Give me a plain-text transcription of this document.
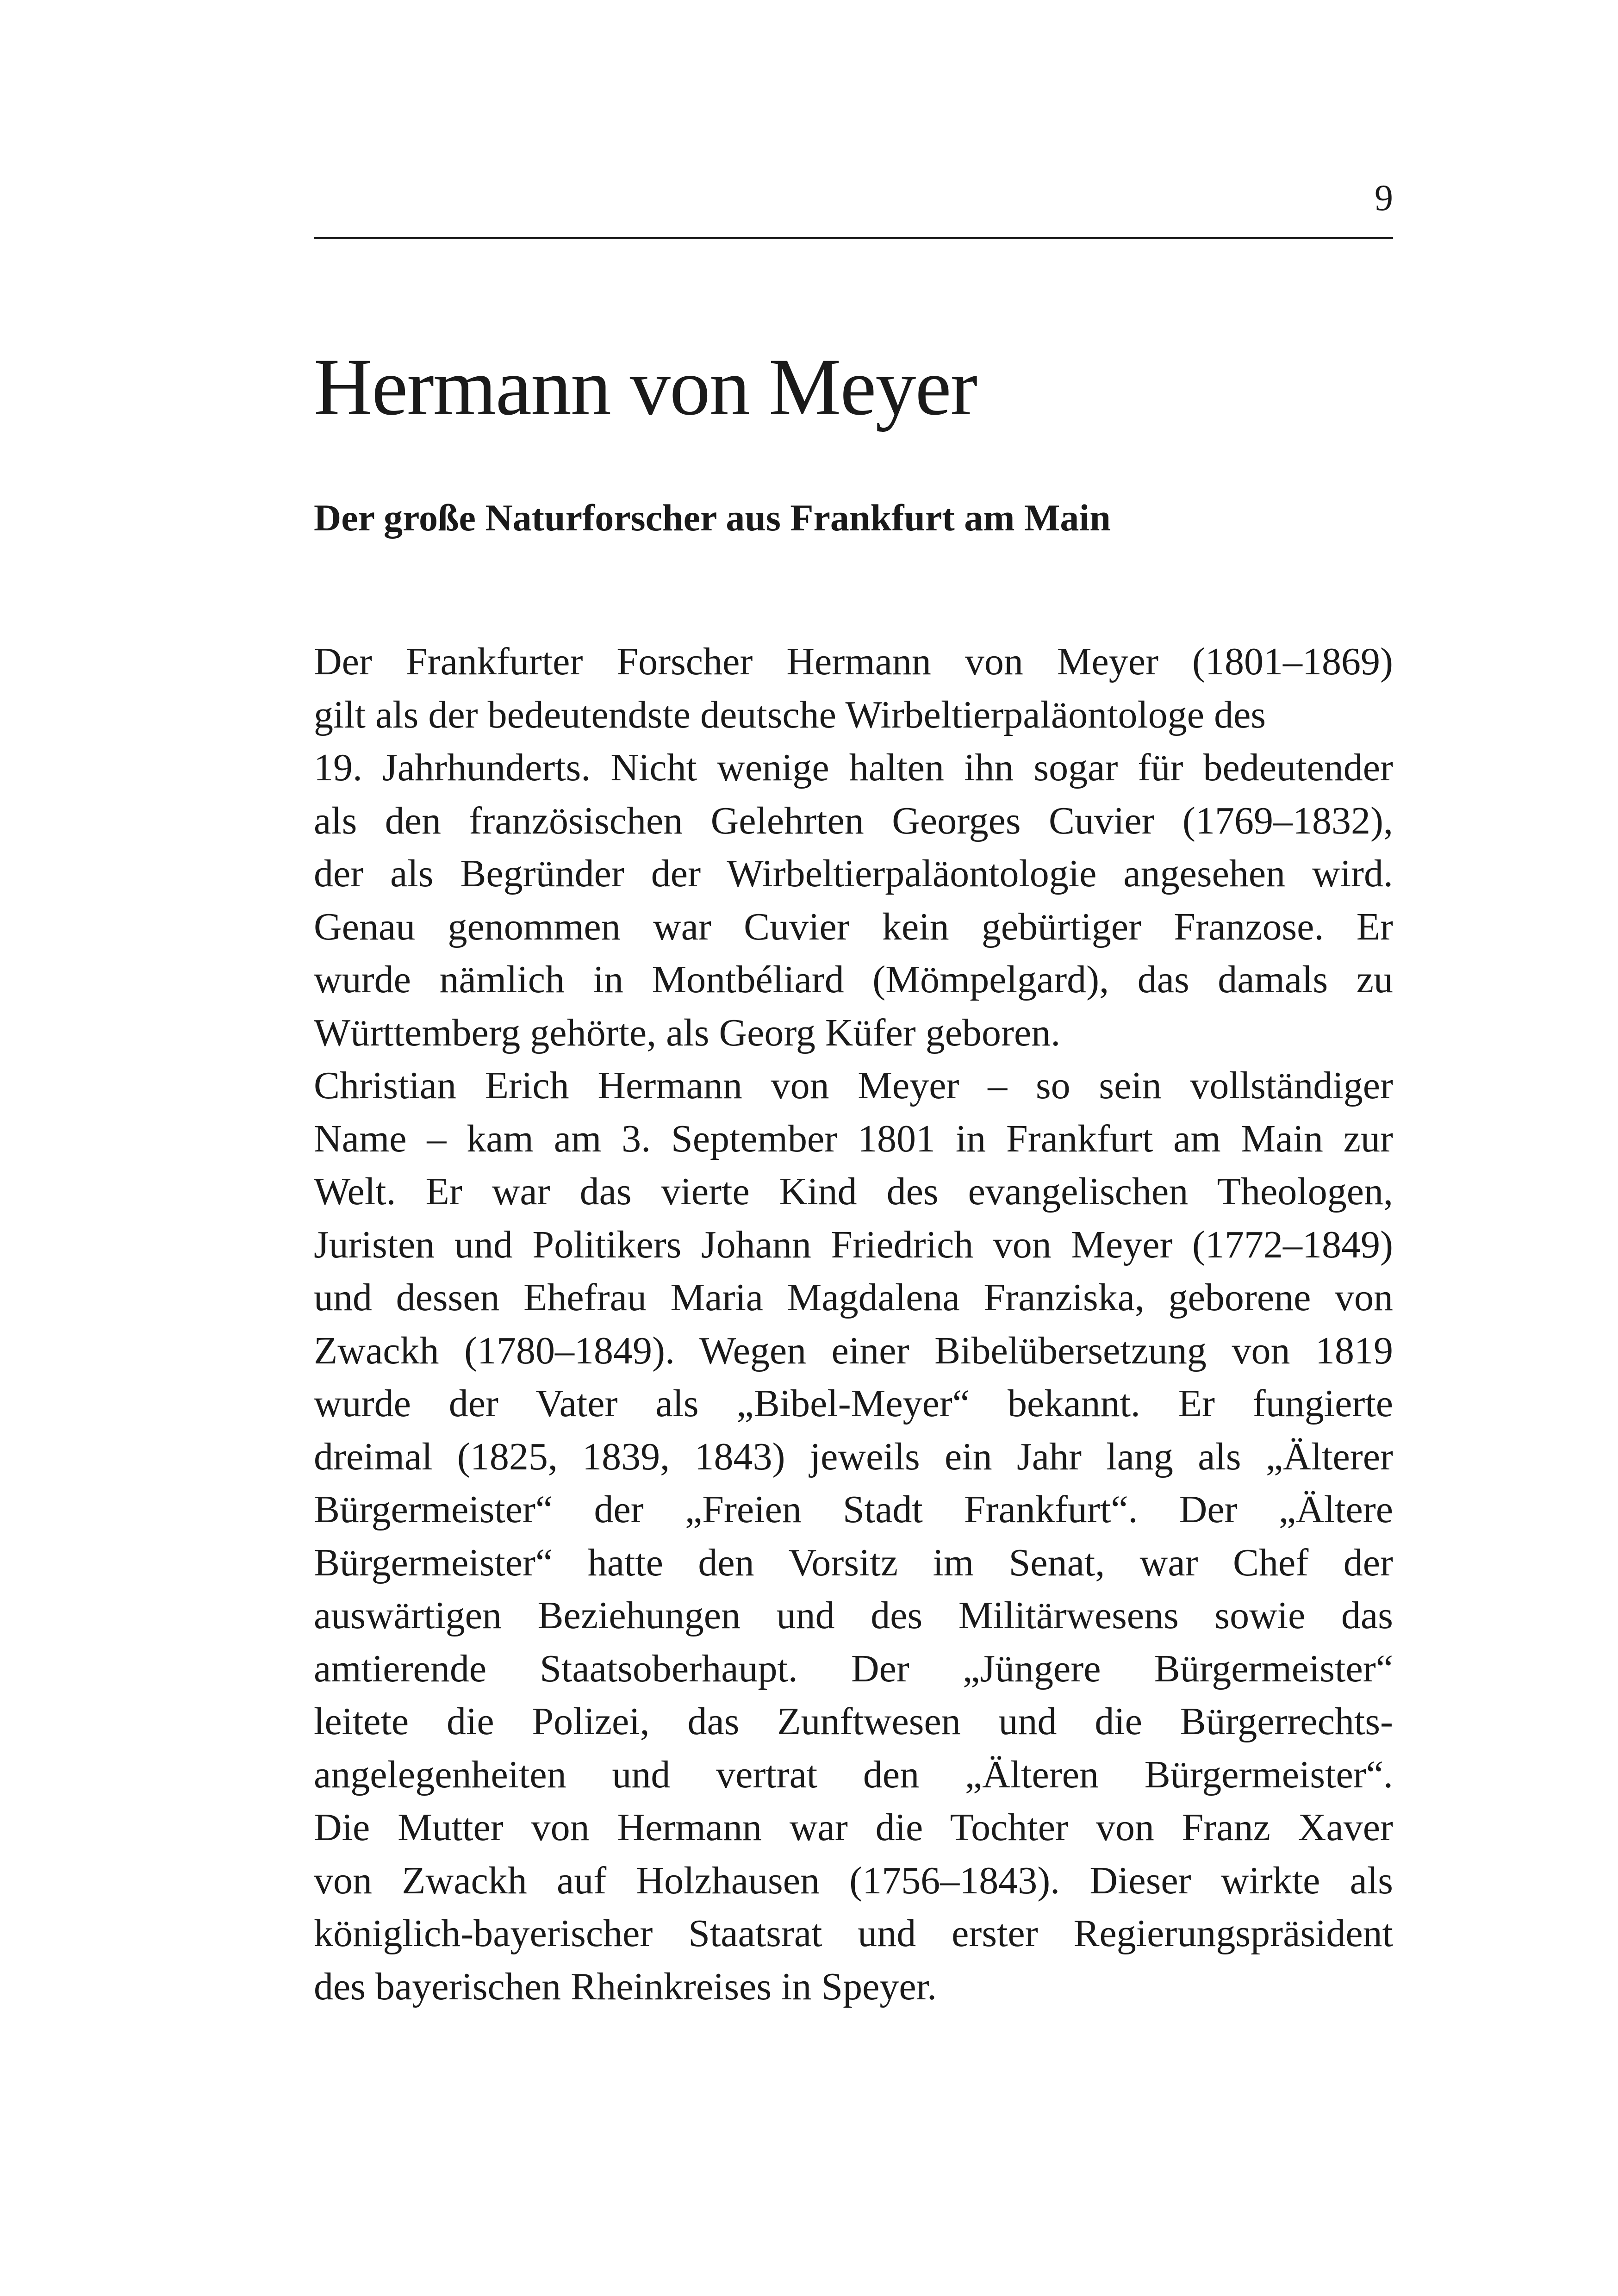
9
Hermann von Meyer
Der große Naturforscher aus Frankfurt am Main
Der Frankfurter Forscher Hermann von Meyer (1801–1869)
gilt als der bedeutendste deutsche Wirbeltierpaläontologe des
19. Jahrhunderts. Nicht wenige halten ihn sogar für bedeutender
als den französischen Gelehrten Georges Cuvier (1769–1832),
der als Begründer der Wirbeltierpaläontologie angesehen wird.
Genau genommen war Cuvier kein gebürtiger Franzose. Er
wurde nämlich in Montbéliard (Mömpelgard), das damals zu
Württemberg gehörte, als Georg Küfer geboren.
Christian Erich Hermann von Meyer – so sein vollständiger
Name – kam am 3. September 1801 in Frankfurt am Main zur
Welt. Er war das vierte Kind des evangelischen Theologen,
Juristen und Politikers Johann Friedrich von Meyer (1772–1849)
und dessen Ehefrau Maria Magdalena Franziska, geborene von
Zwackh (1780–1849). Wegen einer Bibelübersetzung von 1819
wurde der Vater als „Bibel-Meyer“ bekannt. Er fungierte
dreimal (1825, 1839, 1843) jeweils ein Jahr lang als „Älterer
Bürgermeister“ der „Freien Stadt Frankfurt“. Der „Ältere
Bürgermeister“ hatte den Vorsitz im Senat, war Chef der
auswärtigen Beziehungen und des Militärwesens sowie das
amtierende Staatsoberhaupt. Der „Jüngere Bürgermeister“
leitete die Polizei, das Zunftwesen und die Bürgerrechts-
angelegenheiten und vertrat den „Älteren Bürgermeister“.
Die Mutter von Hermann war die Tochter von Franz Xaver
von Zwackh auf Holzhausen (1756–1843). Dieser wirkte als
königlich-bayerischer Staatsrat und erster Regierungspräsident
des bayerischen Rheinkreises in Speyer.
